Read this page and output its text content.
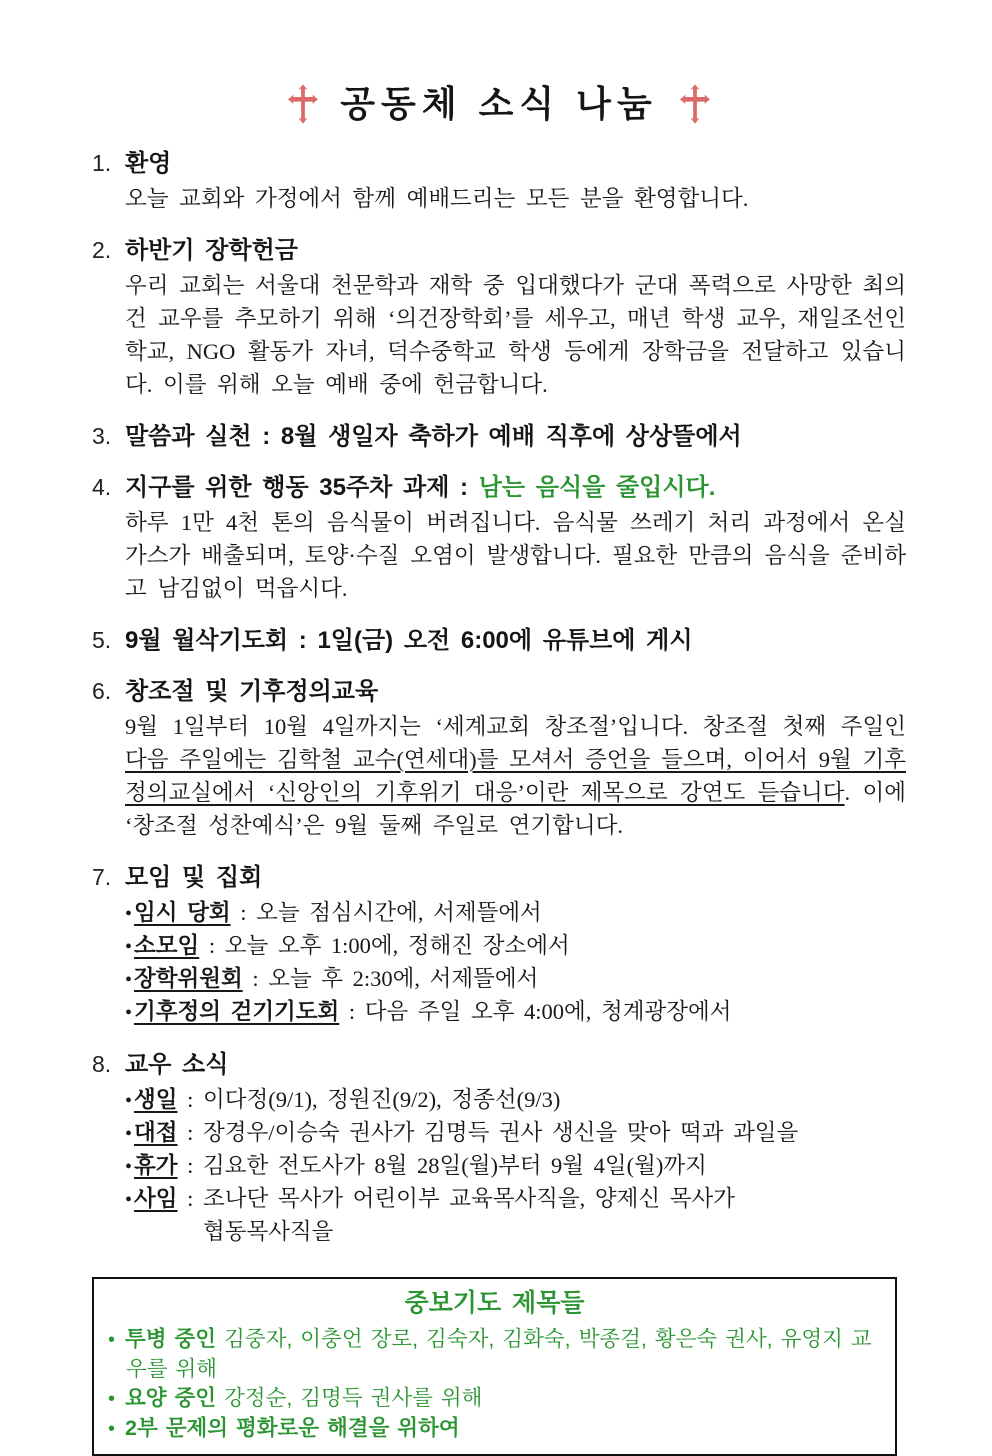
공동체 소식 나눔
1. 환영
오늘 교회와 가정에서 함께 예배드리는 모든 분을 환영합니다.
2. 하반기 장학헌금
우리 교회는 서울대 천문학과 재학 중 입대했다가 군대 폭력으로 사망한 최의건 교우를 추모하기 위해 ‘의건장학회’를 세우고, 매년 학생 교우, 재일조선인학교, NGO 활동가 자녀, 덕수중학교 학생 등에게 장학금을 전달하고 있습니다. 이를 위해 오늘 예배 중에 헌금합니다.
3. 말씀과 실천 : 8월 생일자 축하가 예배 직후에 상상뜰에서
4. 지구를 위한 행동 35주차 과제 : 남는 음식을 줄입시다.
하루 1만 4천 톤의 음식물이 버려집니다. 음식물 쓰레기 처리 과정에서 온실가스가 배출되며, 토양·수질 오염이 발생합니다. 필요한 만큼의 음식을 준비하고 남김없이 먹읍시다.
5. 9월 월삭기도회 : 1일(금) 오전 6:00에 유튜브에 게시
6. 창조절 및 기후정의교육
9월 1일부터 10월 4일까지는 ‘세계교회 창조절’입니다. 창조절 첫째 주일인 다음 주일에는 김학철 교수(연세대)를 모셔서 증언을 들으며, 이어서 9월 기후정의교실에서 ‘신앙인의 기후위기 대응’이란 제목으로 강연도 듣습니다. 이에 ‘창조절 성찬예식’은 9월 둘째 주일로 연기합니다.
7. 모임 및 집회
•임시 당회 : 오늘 점심시간에, 서제뜰에서
•소모임 : 오늘 오후 1:00에, 정해진 장소에서
•장학위원회 : 오늘 후 2:30에, 서제뜰에서
•기후정의 걷기기도회 : 다음 주일 오후 4:00에, 청계광장에서
8. 교우 소식
•생일 : 이다정(9/1), 정원진(9/2), 정종선(9/3)
•대접 : 장경우/이승숙 권사가 김명득 권사 생신을 맞아 떡과 과일을
•휴가 : 김요한 전도사가 8월 28일(월)부터 9월 4일(월)까지
•사임 : 조나단 목사가 어린이부 교육목사직을, 양제신 목사가
협동목사직을
중보기도 제목들
• 투병 중인 김중자, 이충언 장로, 김숙자, 김화숙, 박종걸, 황은숙 권사, 유영지 교우를 위해
• 요양 중인 강정순, 김명득 권사를 위해
• 2부 문제의 평화로운 해결을 위하여
